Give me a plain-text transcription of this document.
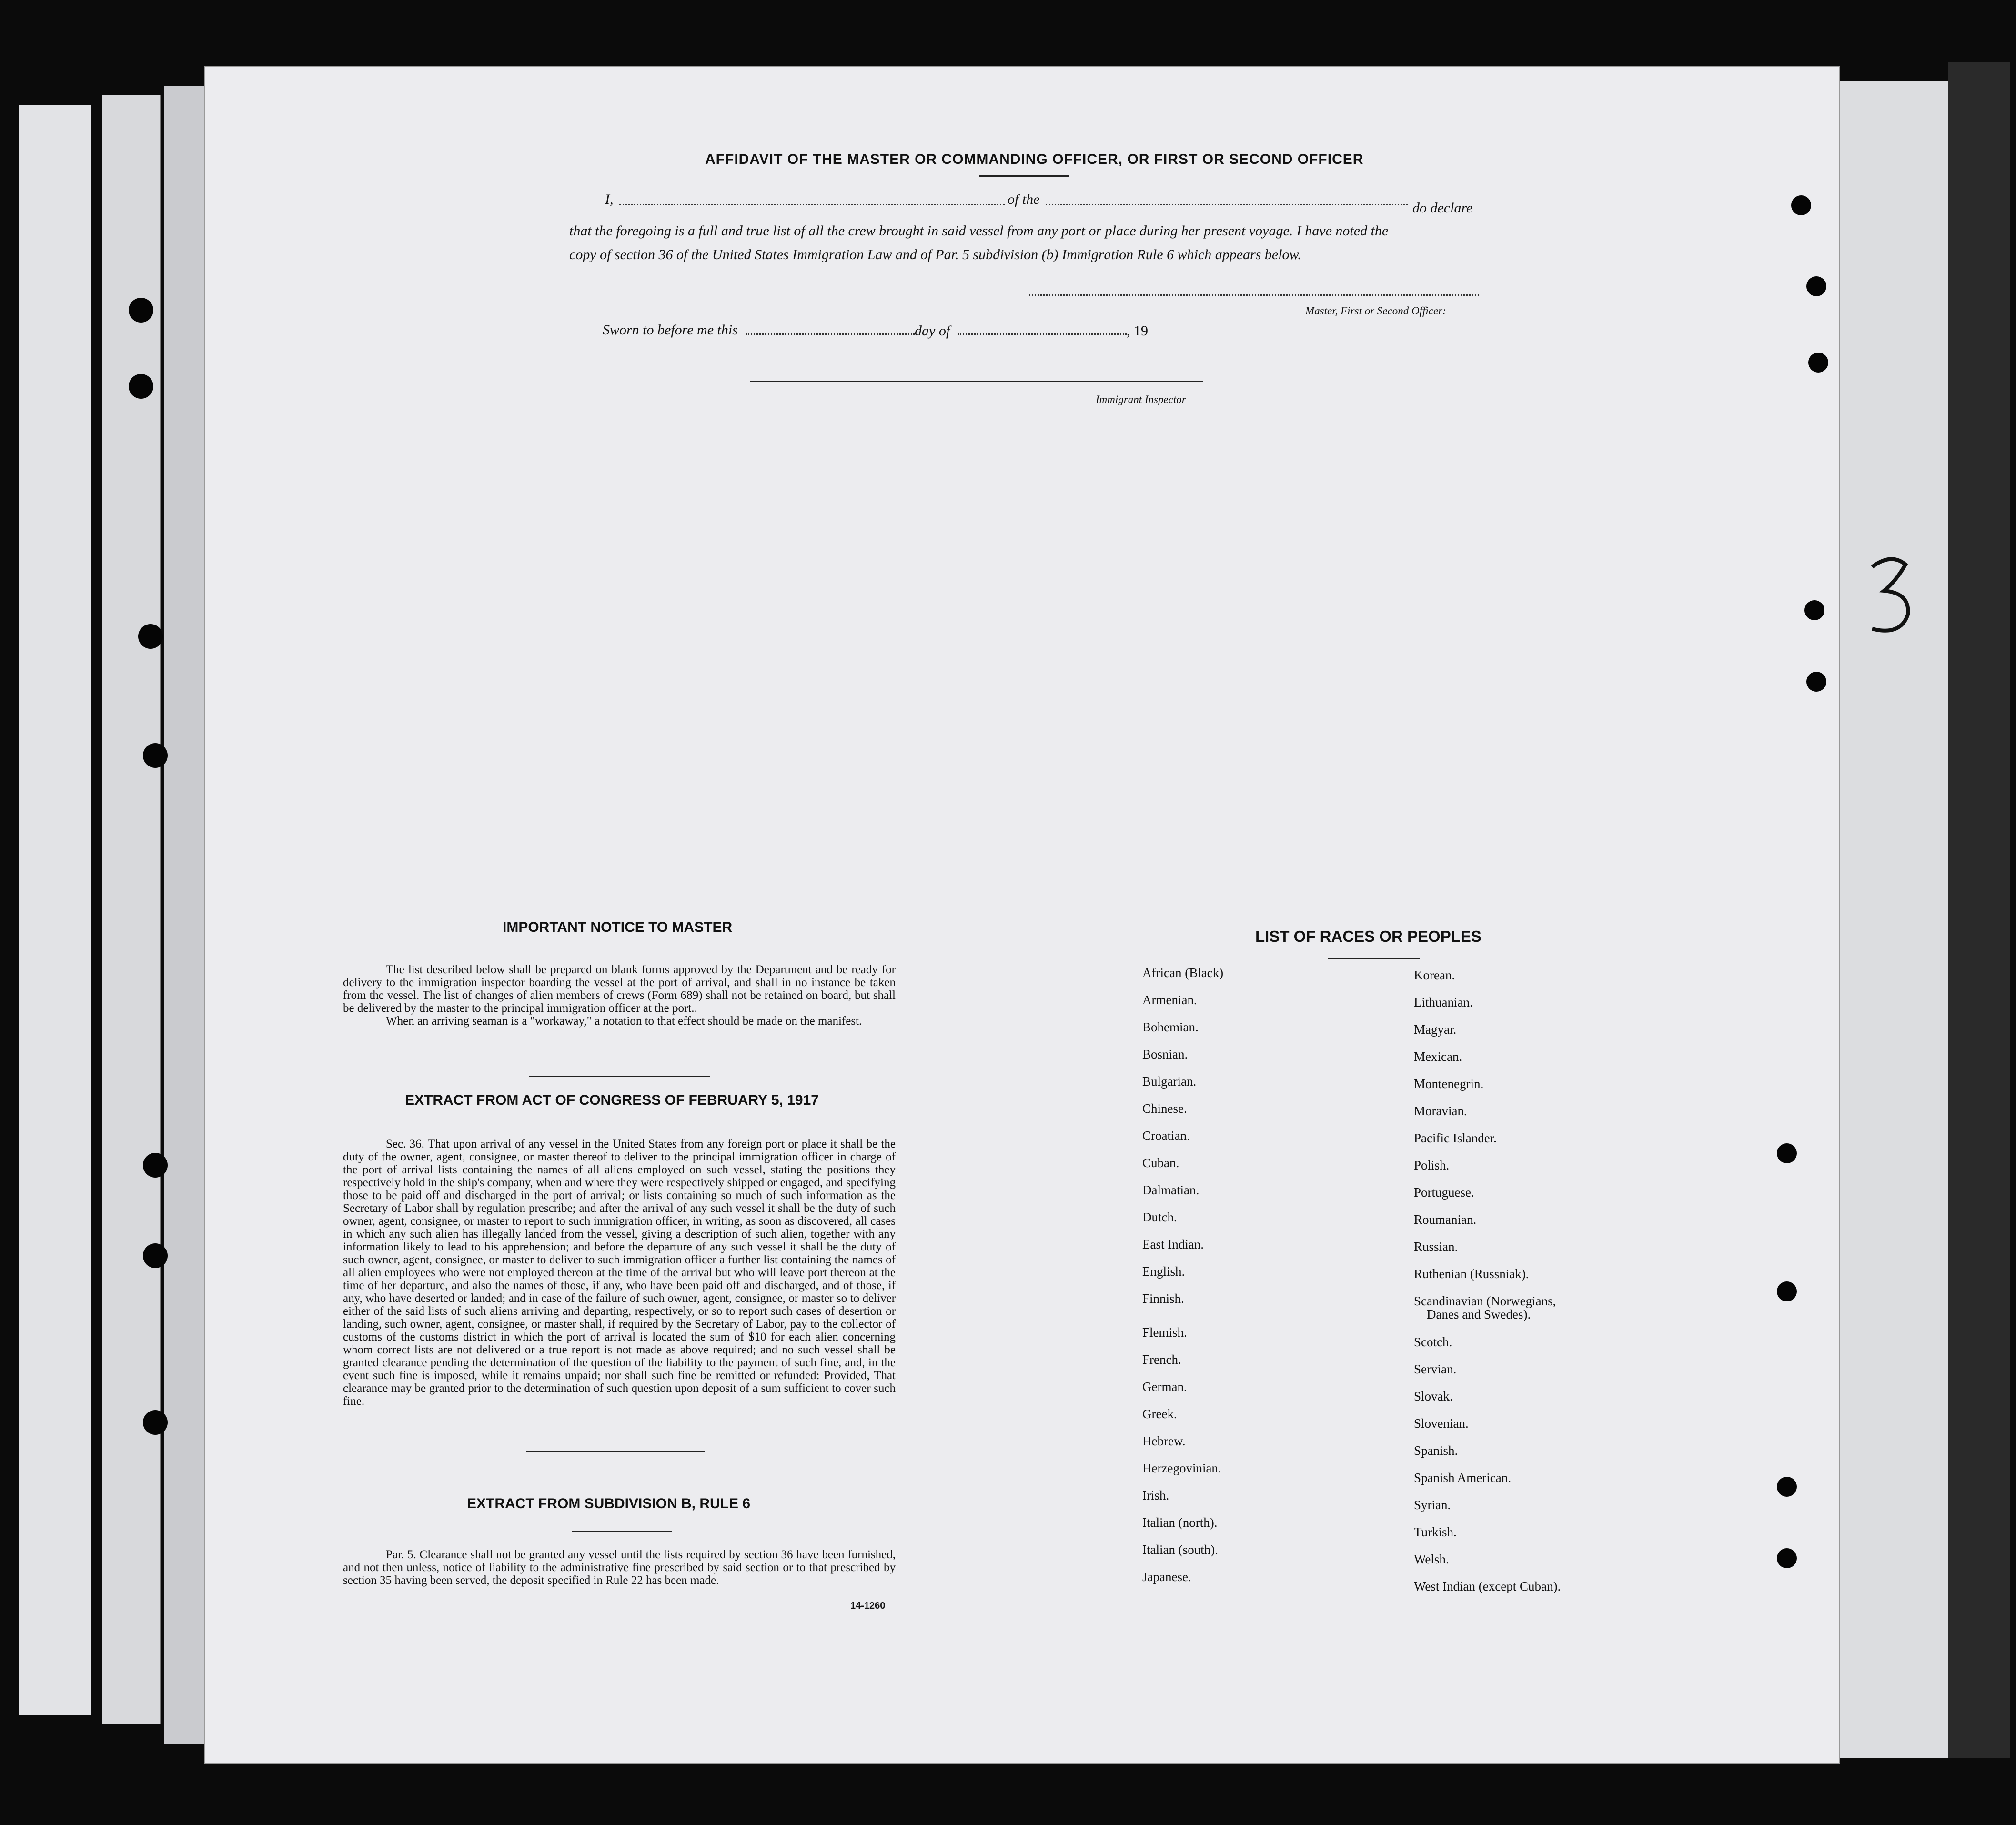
AFFIDAVIT OF THE MASTER OR COMMANDING OFFICER, OR FIRST OR SECOND OFFICER
I,	of the
do declare
that the foregoing is a full and true list of all the crew brought in said vessel from any port or place during her present voyage. I have noted the
copy of section 36 of the United States Immigration Law and of Par. 5 subdivision (b) Immigration Rule 6 which appears below.
Master, First or Second Officer:
Sworn to before me this	day of	, 19
Immigrant Inspector
IMPORTANT NOTICE TO MASTER

The list described below shall be prepared on blank forms approved by the Department and be ready for delivery to the immigration inspector boarding the vessel at the port of arrival, and shall in no instance be taken from the vessel. The list of changes of alien members of crews (Form 689) shall not be retained on board, but shall be delivered by the master to the principal immigration officer at the port..

When an arriving seaman is a "workaway," a notation to that effect should be made on the manifest.

EXTRACT FROM ACT OF CONGRESS OF FEBRUARY 5, 1917

Sec. 36. That upon arrival of any vessel in the United States from any foreign port or place it shall be the duty of the owner, agent, consignee, or master thereof to deliver to the principal immigration officer in charge of the port of arrival lists containing the names of all aliens employed on such vessel, stating the positions they respectively hold in the ship's company, when and where they were respectively shipped or engaged, and specifying those to be paid off and discharged in the port of arrival; or lists containing so much of such information as the Secretary of Labor shall by regulation prescribe; and after the arrival of any such vessel it shall be the duty of such owner, agent, consignee, or master to report to such immigration officer, in writing, as soon as discovered, all cases in which any such alien has illegally landed from the vessel, giving a description of such alien, together with any information likely to lead to his apprehension; and before the departure of any such vessel it shall be the duty of such owner, agent, consignee, or master to deliver to such immigration officer a further list containing the names of all alien employees who were not employed thereon at the time of the arrival but who will leave port thereon at the time of her departure, and also the names of those, if any, who have been paid off and discharged, and of those, if any, who have deserted or landed; and in case of the failure of such owner, agent, consignee, or master so to deliver either of the said lists of such aliens arriving and departing, respectively, or so to report such cases of desertion or landing, such owner, agent, consignee, or master shall, if required by the Secretary of Labor, pay to the collector of customs of the customs district in which the port of arrival is located the sum of $10 for each alien concerning whom correct lists are not delivered or a true report is not made as above required; and no such vessel shall be granted clearance pending the determination of the question of the liability to the payment of such fine, and, in the event such fine is imposed, while it remains unpaid; nor shall such fine be remitted or refunded: Provided, That clearance may be granted prior to the determination of such question upon deposit of a sum sufficient to cover such fine.

EXTRACT FROM SUBDIVISION B, RULE 6

Par. 5. Clearance shall not be granted any vessel until the lists required by section 36 have been furnished, and not then unless, notice of liability to the administrative fine prescribed by said section or to that prescribed by section 35 having been served, the deposit specified in Rule 22 has been made.

14-1260
LIST OF RACES OR PEOPLES
African (Black)
Armenian.
Bohemian.
Bosnian.
Bulgarian.
Chinese.
Croatian.
Cuban.
Dalmatian.
Dutch.
East Indian.
English.
Finnish.
Flemish.
French.
German.
Greek.
Hebrew.
Herzegovinian.
Irish.
Italian (north).
Italian (south).
Japanese.
Korean.
Lithuanian.
Magyar.
Mexican.
Montenegrin.
Moravian.
Pacific Islander.
Polish.
Portuguese.
Roumanian.
Russian.
Ruthenian (Russniak).
Scandinavian (Norwegians,
Danes and Swedes).
Scotch.
Servian.
Slovak.
Slovenian.
Spanish.
Spanish American.
Syrian.
Turkish.
Welsh.
West Indian (except Cuban).
